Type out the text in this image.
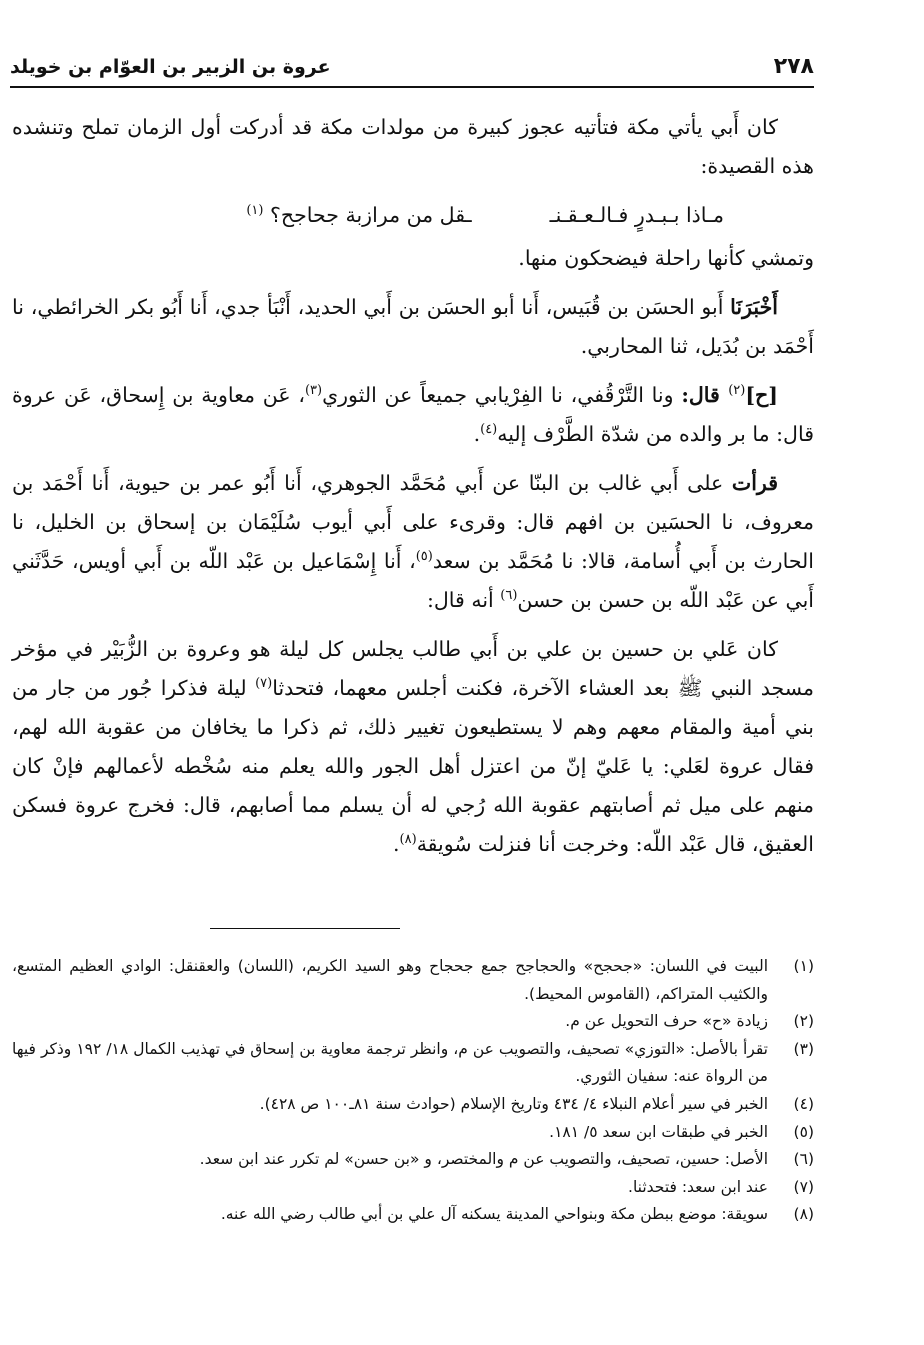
٢٧٨
عروة بن الزبير بن العوّام بن خويلد

كان أَبي يأتي مكة فتأتيه عجوز كبيرة من مولدات مكة قد أدركت أول الزمان تملح وتنشده هذه القصيدة:

مـاذا بـبـدرٍ فـالـعـقـنـ
ـقل من مرازبة جحاجح؟ (١)

وتمشي كأنها راحلة فيضحكون منها.

أَخْبَرَنَا أَبو الحسَن بن قُبَيس، أَنا أبو الحسَن بن أَبي الحديد، أَنْبَأ جدي، أَنا أَبُو بكر الخرائطي، نا أَحْمَد بن بُدَيل، ثنا المحاربي.

[ح]$^{(٢)}$ قال: ونا التَّرْقُفي، نا الفِرْيابي جميعاً عن الثوري$^{(٣)}$، عَن معاوية بن إِسحاق، عَن عروة قال: ما بر والده من شدّة الطَّرْف إليه$^{(٤)}$.

قرأت على أَبي غالب بن البنّا عن أَبي مُحَمَّد الجوهري، أَنا أَبُو عمر بن حيوية، أَنا أَحْمَد بن معروف، نا الحسَين بن افهم قال: وقرىء على أَبي أيوب سُلَيْمَان بن إسحاق بن الخليل، نا الحارث بن أَبي أُسامة، قالا: نا مُحَمَّد بن سعد$^{(٥)}$، أَنا إِسْمَاعيل بن عَبْد اللّه بن أَبي أويس، حَدَّثَني أَبي عن عَبْد اللّه بن حسن بن حسن$^{(٦)}$ أنه قال:

كان عَلي بن حسين بن علي بن أَبي طالب يجلس كل ليلة هو وعروة بن الزُّبَيْر في مؤخر مسجد النبي ﷺ بعد العشاء الآخرة، فكنت أجلس معهما، فتحدثا$^{(٧)}$ ليلة فذكرا جُور من جار من بني أمية والمقام معهم وهم لا يستطيعون تغيير ذلك، ثم ذكرا ما يخافان من عقوبة الله لهم، فقال عروة لعَلي: يا عَليّ إنّ من اعتزل أهل الجور والله يعلم منه سُخْطه لأعمالهم فإنْ كان منهم على ميل ثم أصابتهم عقوبة الله رُجي له أن يسلم مما أصابهم، قال: فخرج عروة فسكن العقيق، قال عَبْد اللّه: وخرجت أنا فنزلت سُويقة$^{(٨)}$.

(١)
البيت في اللسان: «جحجح» والحجاجح جمع جحجاح وهو السيد الكريم، (اللسان) والعقنقل: الوادي العظيم المتسع، والكثيب المتراكم، (القاموس المحيط).
(٢)
زيادة «ح» حرف التحويل عن م.
(٣)
تقرأ بالأصل: «التوزي» تصحيف، والتصويب عن م، وانظر ترجمة معاوية بن إسحاق في تهذيب الكمال ١٨/ ١٩٢ وذكر فيها من الرواة عنه: سفيان الثوري.
(٤)
الخبر في سير أعلام النبلاء ٤/ ٤٣٤ وتاريخ الإسلام (حوادث سنة ٨١ـ١٠٠ ص ٤٢٨).
(٥)
الخبر في طبقات ابن سعد ٥/ ١٨١.
(٦)
الأصل: حسين، تصحيف، والتصويب عن م والمختصر، و «بن حسن» لم تكرر عند ابن سعد.
(٧)
عند ابن سعد: فتحدثنا.
(٨)
سويقة: موضع ببطن مكة وبنواحي المدينة يسكنه آل علي بن أبي طالب رضي الله عنه.
